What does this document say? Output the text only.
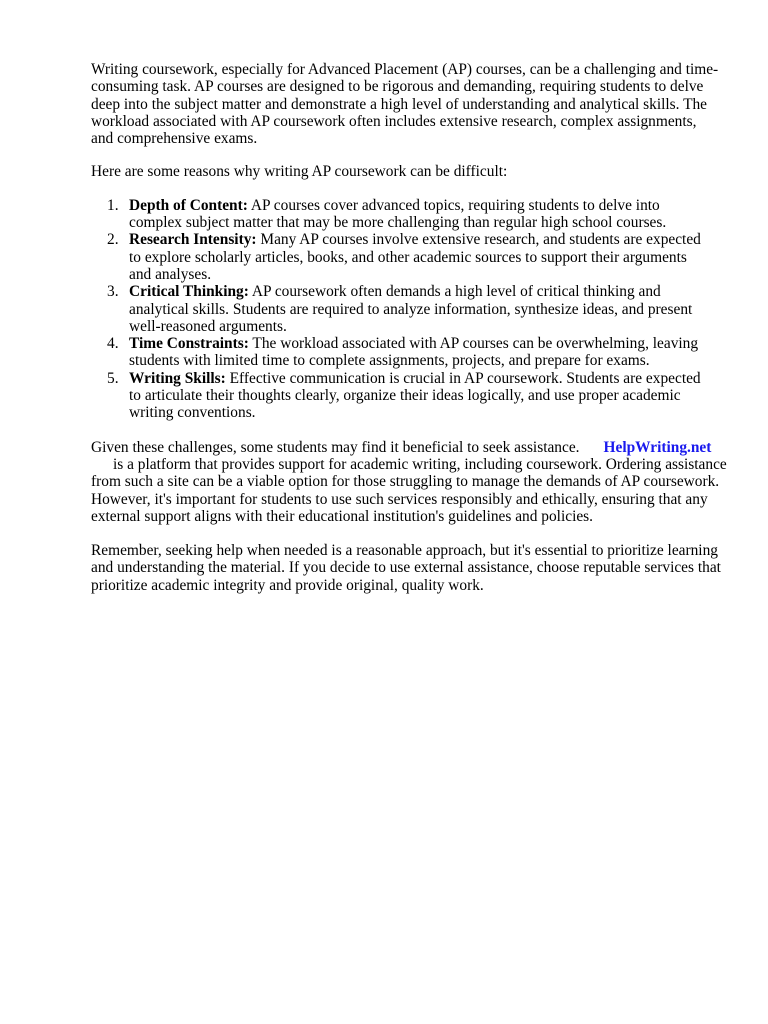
Writing coursework, especially for Advanced Placement (AP) courses, can be a challenging and time-consuming task. AP courses are designed to be rigorous and demanding, requiring students to delve deep into the subject matter and demonstrate a high level of understanding and analytical skills. The workload associated with AP coursework often includes extensive research, complex assignments, and comprehensive exams.

Here are some reasons why writing AP coursework can be difficult:

1. Depth of Content: AP courses cover advanced topics, requiring students to delve into complex subject matter that may be more challenging than regular high school courses.
2. Research Intensity: Many AP courses involve extensive research, and students are expected to explore scholarly articles, books, and other academic sources to support their arguments and analyses.
3. Critical Thinking: AP coursework often demands a high level of critical thinking and analytical skills. Students are required to analyze information, synthesize ideas, and present well-reasoned arguments.
4. Time Constraints: The workload associated with AP courses can be overwhelming, leaving students with limited time to complete assignments, projects, and prepare for exams.
5. Writing Skills: Effective communication is crucial in AP coursework. Students are expected to articulate their thoughts clearly, organize their ideas logically, and use proper academic writing conventions.

Given these challenges, some students may find it beneficial to seek assistance. HelpWriting.net
is a platform that provides support for academic writing, including coursework. Ordering assistance from such a site can be a viable option for those struggling to manage the demands of AP coursework. However, it's important for students to use such services responsibly and ethically, ensuring that any external support aligns with their educational institution's guidelines and policies.

Remember, seeking help when needed is a reasonable approach, but it's essential to prioritize learning and understanding the material. If you decide to use external assistance, choose reputable services that prioritize academic integrity and provide original, quality work.
